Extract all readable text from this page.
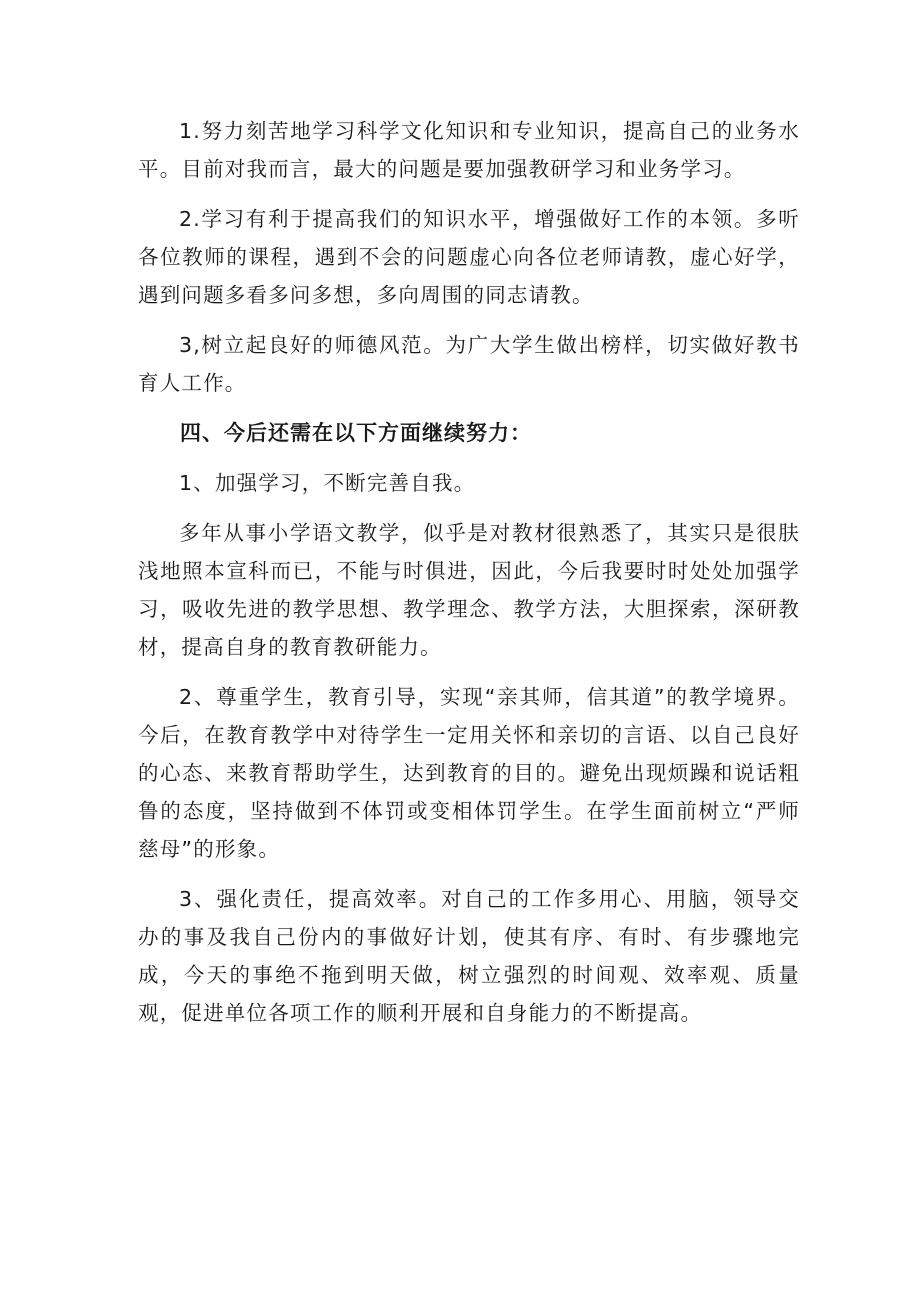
1.努力刻苦地学习科学文化知识和专业知识，提高自己的业务水平。目前对我而言，最大的问题是要加强教研学习和业务学习。

2.学习有利于提高我们的知识水平，增强做好工作的本领。多听各位教师的课程，遇到不会的问题虚心向各位老师请教，虚心好学，遇到问题多看多问多想，多向周围的同志请教。

3,树立起良好的师德风范。为广大学生做出榜样，切实做好教书育人工作。

四、今后还需在以下方面继续努力：

1、加强学习，不断完善自我。

多年从事小学语文教学，似乎是对教材很熟悉了，其实只是很肤浅地照本宣科而已，不能与时俱进，因此，今后我要时时处处加强学习，吸收先进的教学思想、教学理念、教学方法，大胆探索，深研教材，提高自身的教育教研能力。

2、尊重学生，教育引导，实现“亲其师，信其道”的教学境界。今后，在教育教学中对待学生一定用关怀和亲切的言语、以自己良好的心态、来教育帮助学生，达到教育的目的。避免出现烦躁和说话粗鲁的态度，坚持做到不体罚或变相体罚学生。在学生面前树立“严师慈母”的形象。

3、强化责任，提高效率。对自己的工作多用心、用脑，领导交办的事及我自己份内的事做好计划，使其有序、有时、有步骤地完成，今天的事绝不拖到明天做，树立强烈的时间观、效率观、质量观，促进单位各项工作的顺利开展和自身能力的不断提高。
